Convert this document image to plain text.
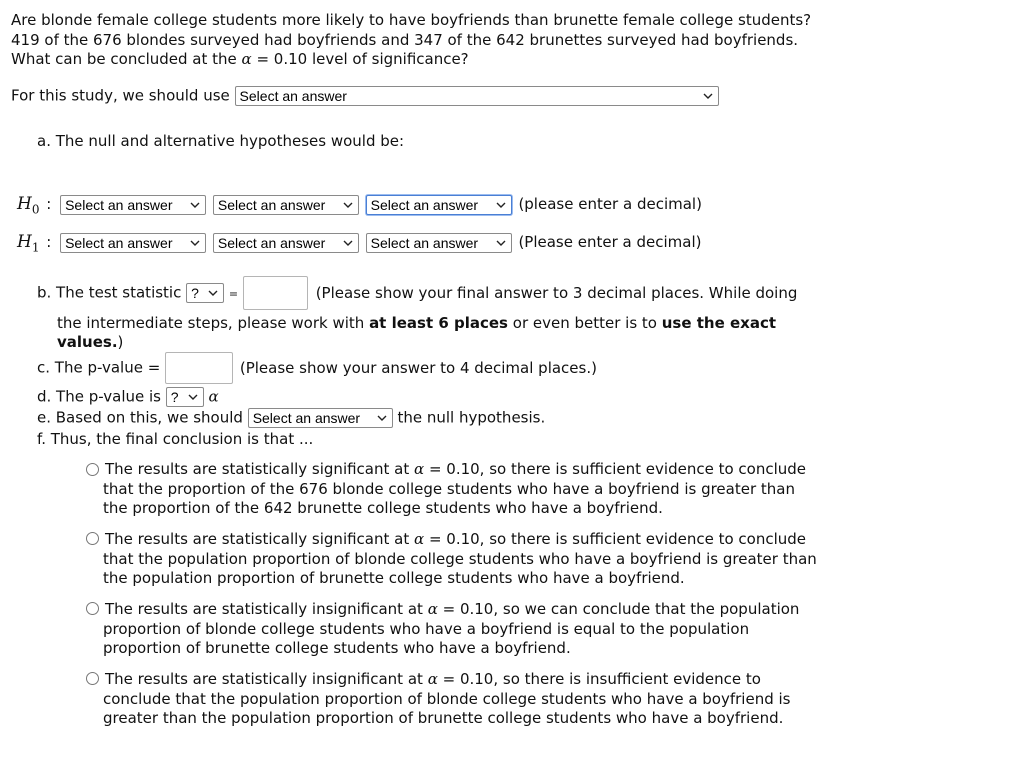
Are blonde female college students more likely to have boyfriends than brunette female college students?
419 of the 676 blondes surveyed had boyfriends and 347 of the 642 brunettes surveyed had boyfriends.
What can be concluded at the α = 0.10 level of significance?
For this study, we should use Select an answer
a. The null and alternative hypotheses would be:
$H_0$ : Select an answer	Select an answer	Select an answer	(please enter a decimal)
$H_1$ : Select an answer	Select an answer	Select an answer	(Please enter a decimal)
b. The test statistic ?	=	(Please show your final answer to 3 decimal places. While doing
the intermediate steps, please work with at least 6 places or even better is to use the exact
values.)
c. The p-value =	(Please show your answer to 4 decimal places.)
d. The p-value is ? α
e. Based on this, we should Select an answer the null hypothesis.
f. Thus, the final conclusion is that ...
The results are statistically significant at α = 0.10, so there is sufficient evidence to conclude
that the proportion of the 676 blonde college students who have a boyfriend is greater than
the proportion of the 642 brunette college students who have a boyfriend.
The results are statistically significant at α = 0.10, so there is sufficient evidence to conclude
that the population proportion of blonde college students who have a boyfriend is greater than
the population proportion of brunette college students who have a boyfriend.
The results are statistically insignificant at α = 0.10, so we can conclude that the population
proportion of blonde college students who have a boyfriend is equal to the population
proportion of brunette college students who have a boyfriend.
The results are statistically insignificant at α = 0.10, so there is insufficient evidence to
conclude that the population proportion of blonde college students who have a boyfriend is
greater than the population proportion of brunette college students who have a boyfriend.
